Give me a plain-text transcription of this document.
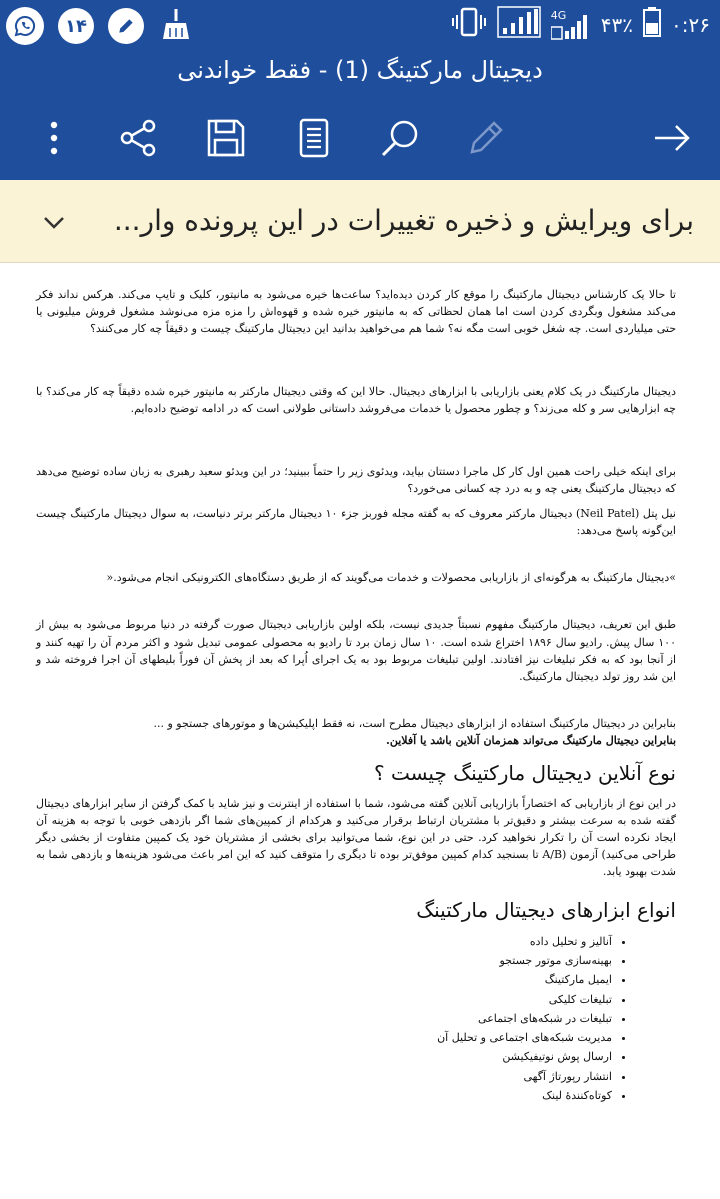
۱۴
4G ۴۳٪ ۰:۲۶
دیجیتال مارکتینگ (1) - فقط خواندنی
برای ویرایش و ذخیره تغییرات در این پرونده وار...

تا حالا یک کارشناس دیجیتال مارکتینگ را موقع کار کردن دیده‌اید؟ ساعت‌ها خیره می‌شود به مانیتور، کلیک و تایپ می‌کند. هرکس نداند فکر می‌کند مشغول وبگردی کردن است اما همان لحظاتی که به مانیتور خیره شده و قهوه‌اش را مزه مزه می‌نوشد مشغول فروش میلیونی یا حتی میلیاردی است. چه شغل خوبی است مگه نه؟ شما هم می‌خواهید بدانید این دیجیتال مارکتینگ چیست و دقیقاً چه کار می‌کنند؟

دیجیتال مارکتینگ در یک کلام یعنی بازاریابی با ابزارهای دیجیتال. حالا این که وقتی دیجیتال مارکتر به مانیتور خیره شده دقیقاً چه کار می‌کند؟ با چه ابزارهایی سر و کله می‌زند؟ و چطور محصول یا خدمات می‌فروشد داستانی طولانی است که در ادامه توضیح داده‌ایم.

برای اینکه خیلی راحت همین اول کار کل ماجرا دستتان بیاید، ویدئوی زیر را حتماً ببینید؛ در این ویدئو سعید رهبری به زبان ساده توضیح می‌دهد که دیجیتال مارکتینگ یعنی چه و به درد چه کسانی می‌خورد؟

نیل پتل (Neil Patel) دیجیتال مارکتر معروف که به گفته مجله فوربز جزء ۱۰ دیجیتال مارکتر برتر دنیاست، به سوال دیجیتال مارکتینگ چیست این‌گونه پاسخ می‌دهد:

»دیجیتال مارکتینگ به هرگونه‌ای از بازاریابی محصولات و خدمات می‌گویند که از طریق دستگاه‌های الکترونیکی انجام می‌شود.«

طبق این تعریف، دیجیتال مارکتینگ مفهوم نسبتاً جدیدی نیست، بلکه اولین بازاریابی دیجیتال صورت گرفته در دنیا مربوط می‌شود به بیش از ۱۰۰ سال پیش. رادیو سال ۱۸۹۶ اختراع شده است. ۱۰ سال زمان برد تا رادیو به محصولی عمومی تبدیل شود و اکثر مردم آن را تهیه کنند و از آنجا بود که به فکر تبلیغات نیز افتادند. اولین تبلیغات مربوط بود به یک اجرای اُپرا که بعد از پخش آن فوراً بلیطهای آن اجرا فروخته شد و این شد روز تولد دیجیتال مارکتینگ.

بنابراین در دیجیتال مارکتینگ استفاده از ابزارهای دیجیتال مطرح است، نه فقط اپلیکیشن‌ها و موتورهای جستجو و ...

بنابراین دیجیتال مارکتینگ می‌تواند همزمان آنلاین باشد یا آفلاین.

نوع آنلاین دیجیتال مارکتینگ چیست ؟

در این نوع از بازاریابی که اختصاراً بازاریابی آنلاین گفته می‌شود، شما با استفاده از اینترنت و نیز شاید با کمک گرفتن از سایر ابزارهای دیجیتال گفته شده به سرعت بیشتر و دقیق‌تر با مشتریان ارتباط برقرار می‌کنید و هرکدام از کمپین‌های شما اگر بازدهی خوبی با توجه به هزینه آن ایجاد نکرده است آن را تکرار نخواهید کرد. حتی در این نوع، شما می‌توانید برای بخشی از مشتریان خود یک کمپین متفاوت از بخشی دیگر طراحی می‌کنید) آزمون (A/B تا بسنجید کدام کمپین موفق‌تر بوده تا دیگری را متوقف کنید که این امر باعث می‌شود هزینه‌ها و بازدهی شما به شدت بهبود یابد.

انواع ابزارهای دیجیتال مارکتینگ
• آنالیز و تحلیل داده
• بهینه‌سازی موتور جستجو
• ایمیل مارکتینگ
• تبلیغات کلیکی
• تبلیغات در شبکه‌های اجتماعی
• مدیریت شبکه‌های اجتماعی و تحلیل آن
• ارسال پوش نوتیفیکیشن
• انتشار رپورتاژ آگهی
• کوتاه‌کنندهٔ لینک
